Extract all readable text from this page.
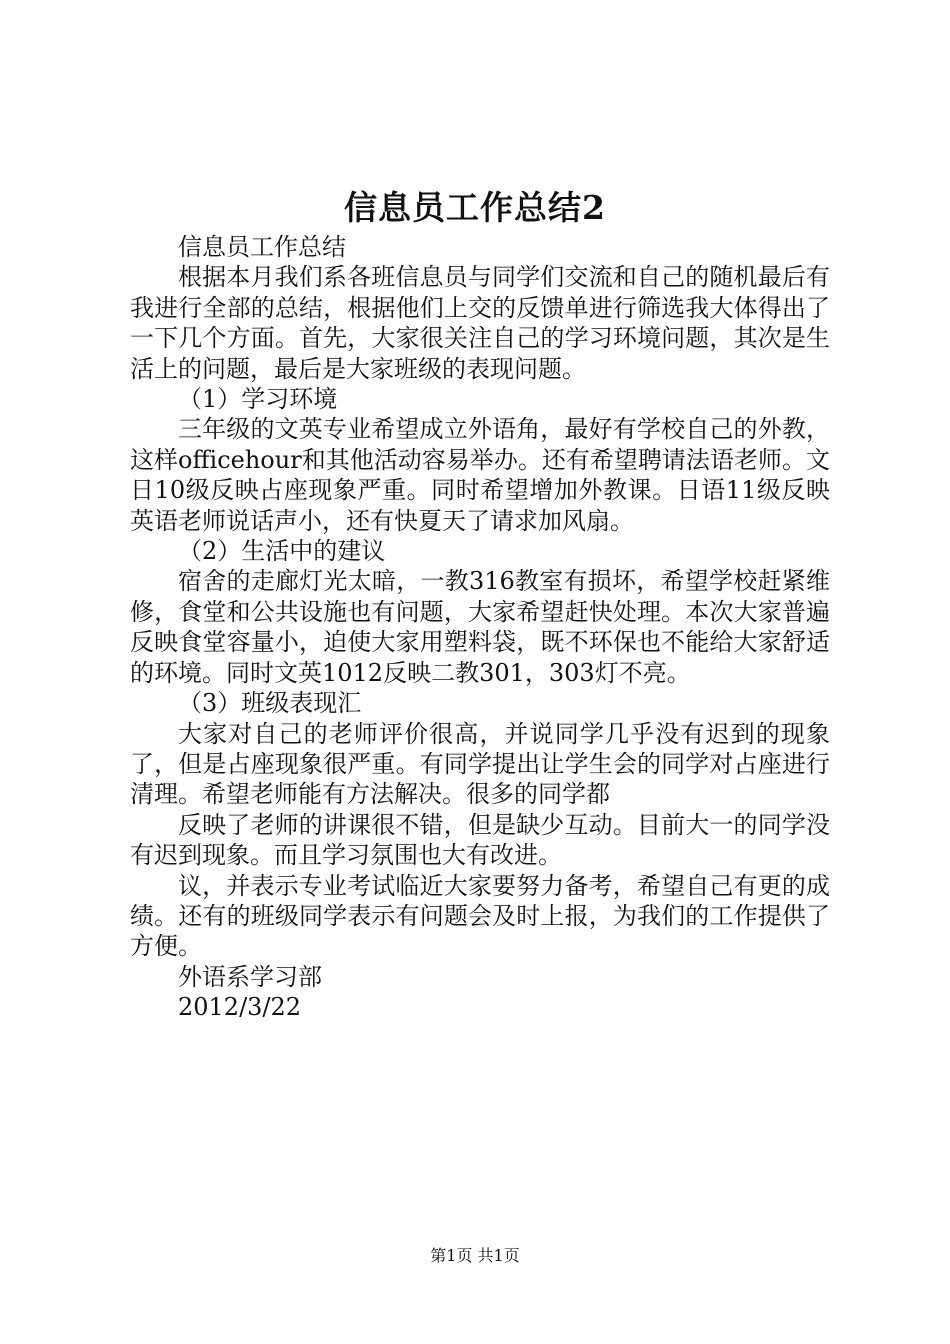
信息员工作总结2

信息员工作总结

根据本月我们系各班信息员与同学们交流和自己的随机最后有我进行全部的总结，根据他们上交的反馈单进行筛选我大体得出了一下几个方面。首先，大家很关注自己的学习环境问题，其次是生活上的问题，最后是大家班级的表现问题。

（1）学习环境

三年级的文英专业希望成立外语角，最好有学校自己的外教，这样officehour和其他活动容易举办。还有希望聘请法语老师。文日10级反映占座现象严重。同时希望增加外教课。日语11级反映英语老师说话声小，还有快夏天了请求加风扇。

（2）生活中的建议

宿舍的走廊灯光太暗，一教316教室有损坏，希望学校赶紧维修，食堂和公共设施也有问题，大家希望赶快处理。本次大家普遍反映食堂容量小，迫使大家用塑料袋，既不环保也不能给大家舒适的环境。同时文英1012反映二教301，303灯不亮。

（3）班级表现汇

大家对自己的老师评价很高，并说同学几乎没有迟到的现象了，但是占座现象很严重。有同学提出让学生会的同学对占座进行清理。希望老师能有方法解决。很多的同学都

反映了老师的讲课很不错，但是缺少互动。目前大一的同学没有迟到现象。而且学习氛围也大有改进。

议，并表示专业考试临近大家要努力备考，希望自己有更的成绩。还有的班级同学表示有问题会及时上报，为我们的工作提供了方便。

外语系学习部

2012/3/22

第1页 共1页
